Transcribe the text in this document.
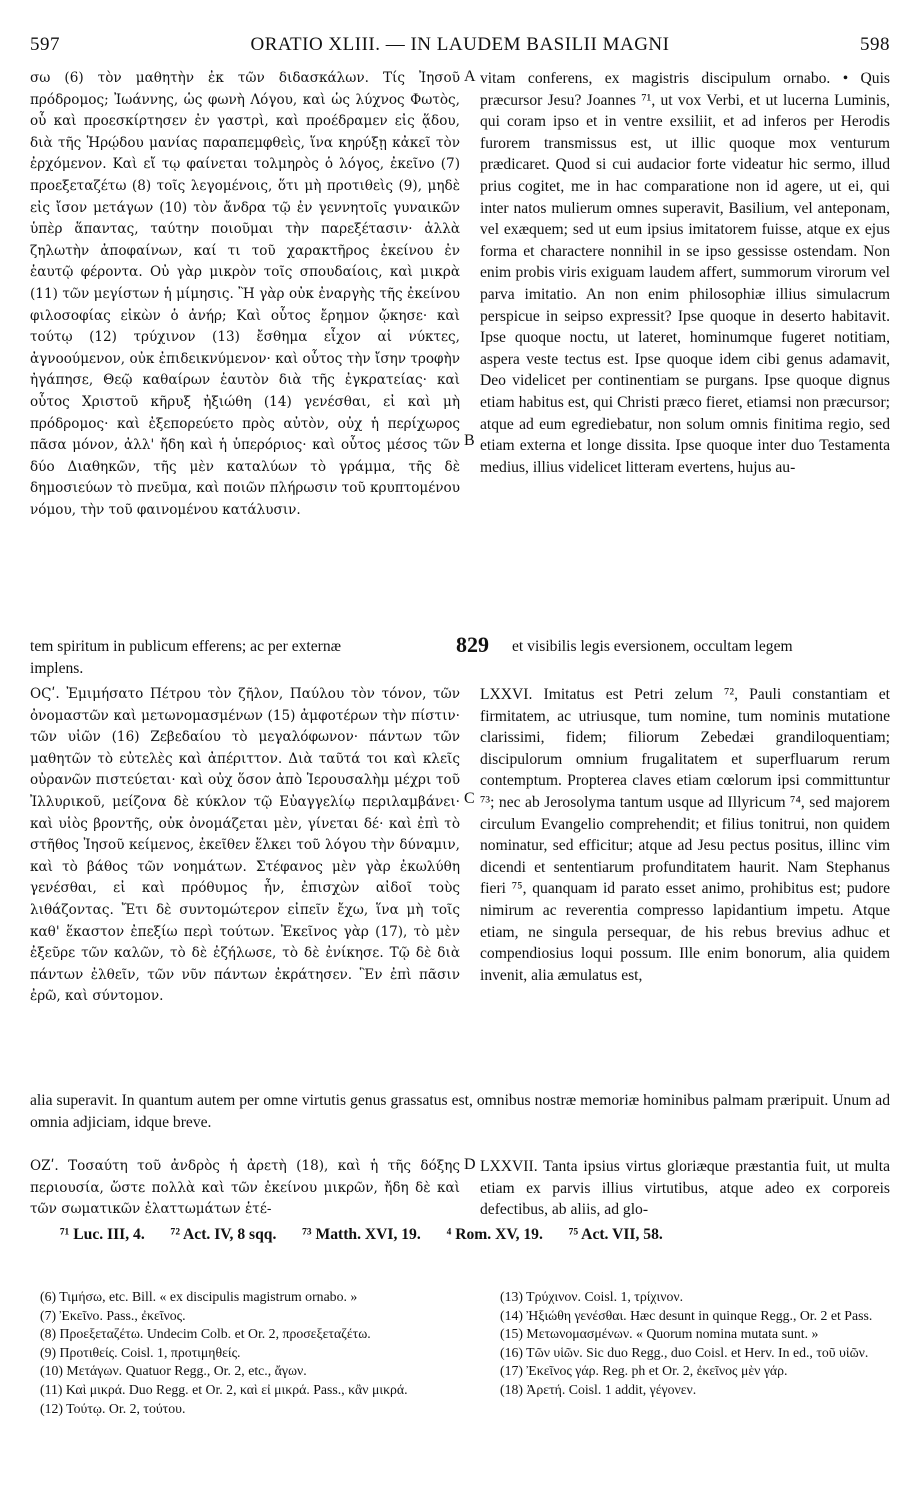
597	ORATIO XLIII. — IN LAUDEM BASILII MAGNI	598

σω (6) τὸν μαθητὴν ἐκ τῶν διδασκάλων. Τίς Ἰησοῦ πρόδρομος; Ἰωάννης, ὡς φωνὴ Λόγου, καὶ ὡς λύχνος Φωτὸς, οὗ καὶ προεσκίρτησεν ἐν γαστρὶ, καὶ προέδραμεν εἰς ᾅδου, διὰ τῆς Ἡρῴδου μανίας παραπεμφθεὶς, ἵνα κηρύξῃ κἀκεῖ τὸν ἐρχόμενον. Καὶ εἴ τῳ φαίνεται τολμηρὸς ὁ λόγος, ἐκεῖνο (7) προεξεταζέτω (8) τοῖς λεγομένοις, ὅτι μὴ προτιθεὶς (9), μηδὲ εἰς ἴσον μετάγων (10) τὸν ἄνδρα τῷ ἐν γεννητοῖς γυναικῶν ὑπὲρ ἅπαντας, ταύτην ποιοῦμαι τὴν παρεξέτασιν· ἀλλὰ ζηλωτὴν ἀποφαίνων, καί τι τοῦ χαρακτῆρος ἐκείνου ἐν ἑαυτῷ φέροντα. Οὐ γὰρ μικρὸν τοῖς σπουδαίοις, καὶ μικρὰ (11) τῶν μεγίστων ἡ μίμησις. Ἢ γὰρ οὐκ ἐναργὴς τῆς ἐκείνου φιλοσοφίας εἰκὼν ὁ ἀνήρ; Καὶ οὗτος ἔρημον ᾤκησε· καὶ τούτῳ (12) τρύχινον (13) ἔσθημα εἶχον αἱ νύκτες, ἀγνοούμενον, οὐκ ἐπιδεικνύμενον· καὶ οὗτος τὴν ἴσην τροφὴν ἠγάπησε, Θεῷ καθαίρων ἑαυτὸν διὰ τῆς ἐγκρατείας· καὶ οὗτος Χριστοῦ κῆρυξ ἠξιώθη (14) γενέσθαι, εἰ καὶ μὴ πρόδρομος· καὶ ἐξεπορεύετο πρὸς αὐτὸν, οὐχ ἡ περίχωρος πᾶσα μόνον, ἀλλ' ἤδη καὶ ἡ ὑπερόριος· καὶ οὗτος μέσος τῶν δύο Διαθηκῶν, τῆς μὲν καταλύων τὸ γράμμα, τῆς δὲ δημοσιεύων τὸ πνεῦμα, καὶ ποιῶν πλήρωσιν τοῦ κρυπτομένου νόμου, τὴν τοῦ φαινομένου κατάλυσιν.

vitam conferens, ex magistris discipulum ornabo. • Quis præcursor Jesu? Joannes ⁷¹, ut vox Verbi, et ut lucerna Luminis, qui coram ipso et in ventre exsiliit, et ad inferos per Herodis furorem transmissus est, ut illic quoque mox venturum prædicaret. Quod si cui audacior forte videatur hic sermo, illud prius cogitet, me in hac comparatione non id agere, ut ei, qui inter natos mulierum omnes superavit, Basilium, vel anteponam, vel exæquem; sed ut eum ipsius imitatorem fuisse, atque ex ejus forma et charactere nonnihil in se ipso gessisse ostendam. Non enim probis viris exiguam laudem affert, summorum virorum vel parva imitatio. An non enim philosophiæ illius simulacrum perspicue in seipso expressit? Ipse quoque in deserto habitavit. Ipse quoque noctu, ut lateret, hominumque fugeret notitiam, aspera veste tectus est. Ipse quoque idem cibi genus adamavit, Deo videlicet per continentiam se purgans. Ipse quoque dignus etiam habitus est, qui Christi præco fieret, etiamsi non præcursor; atque ad eum egrediebatur, non solum omnis finitima regio, sed etiam externa et longe dissita. Ipse quoque inter duo Testamenta medius, illius videlicet litteram evertens, hujus au-

A
B
tem spiritum in publicum efferens; ac per externæ	829 et visibilis legis eversionem, occultam legem
implens.

ΟϚʹ. Ἐμιμήσατο Πέτρου τὸν ζῆλον, Παύλου τὸν τόνον, τῶν ὀνομαστῶν καὶ μετωνομασμένων (15) ἀμφοτέρων τὴν πίστιν· τῶν υἱῶν (16) Ζεβεδαίου τὸ μεγαλόφωνον· πάντων τῶν μαθητῶν τὸ εὐτελὲς καὶ ἀπέριττον. Διὰ ταῦτά τοι καὶ κλεῖς οὐρανῶν πιστεύεται· καὶ οὐχ ὅσον ἀπὸ Ἱερουσαλὴμ μέχρι τοῦ Ἰλλυρικοῦ, μείζονα δὲ κύκλον τῷ Εὐαγγελίῳ περιλαμβάνει· καὶ υἱὸς βροντῆς, οὐκ ὀνομάζεται μὲν, γίνεται δέ· καὶ ἐπὶ τὸ στῆθος Ἰησοῦ κείμενος, ἐκεῖθεν ἕλκει τοῦ λόγου τὴν δύναμιν, καὶ τὸ βάθος τῶν νοημάτων. Στέφανος μὲν γὰρ ἐκωλύθη γενέσθαι, εἰ καὶ πρόθυμος ἦν, ἐπισχὼν αἰδοῖ τοὺς λιθάζοντας. Ἔτι δὲ συντομώτερον εἰπεῖν ἔχω, ἵνα μὴ τοῖς καθ' ἕκαστον ἐπεξίω περὶ τούτων. Ἐκεῖνος γὰρ (17), τὸ μὲν ἐξεῦρε τῶν καλῶν, τὸ δὲ ἐζήλωσε, τὸ δὲ ἐνίκησε. Τῷ δὲ διὰ πάντων ἐλθεῖν, τῶν νῦν πάντων ἐκράτησεν. Ἓν ἐπὶ πᾶσιν ἐρῶ, καὶ σύντομον.

LXXVI. Imitatus est Petri zelum ⁷², Pauli constantiam et firmitatem, ac utriusque, tum nomine, tum nominis mutatione clarissimi, fidem; filiorum Zebedæi grandiloquentiam; discipulorum omnium frugalitatem et superfluarum rerum contemptum. Propterea claves etiam cœlorum ipsi committuntur ⁷³; nec ab Jerosolyma tantum usque ad Illyricum ⁷⁴, sed majorem circulum Evangelio comprehendit; et filius tonitrui, non quidem nominatur, sed efficitur; atque ad Jesu pectus positus, illinc vim dicendi et sententiarum profunditatem haurit. Nam Stephanus fieri ⁷⁵, quanquam id parato esset animo, prohibitus est; pudore nimirum ac reverentia compresso lapidantium impetu. Atque etiam, ne singula persequar, de his rebus brevius adhuc et compendiosius loqui possum. Ille enim bonorum, alia quidem invenit, alia æmulatus est,

C
alia superavit. In quantum autem per omne virtutis genus grassatus est, omnibus nostræ memoriæ hominibus palmam præripuit. Unum ad omnia adjiciam, idque breve.

ΟΖʹ. Τοσαύτη τοῦ ἀνδρὸς ἡ ἀρετὴ (18), καὶ ἡ τῆς δόξης περιουσία, ὥστε πολλὰ καὶ τῶν ἐκείνου μικρῶν, ἤδη δὲ καὶ τῶν σωματικῶν ἐλαττωμάτων ἑτέ-

LXXVII. Tanta ipsius virtus gloriæque præstantia fuit, ut multa etiam ex parvis illius virtutibus, atque adeo ex corporeis defectibus, ab aliis, ad glo-

D
⁷¹ Luc. III, 4. ⁷² Act. IV, 8 sqq. ⁷³ Matth. XVI, 19. ⁴ Rom. XV, 19. ⁷⁵ Act. VII, 58.
(6) Τιμήσω, etc. Bill. « ex discipulis magistrum ornabo. »
(7) Ἐκεῖνο. Pass., ἐκεῖνος.
(8) Προεξεταζέτω. Undecim Colb. et Or. 2, προσεξεταζέτω.
(9) Προτιθείς. Coisl. 1, προτιμηθείς.
(10) Μετάγων. Quatuor Regg., Or. 2, etc., ἄγων.
(11) Καὶ μικρά. Duo Regg. et Or. 2, καὶ εἰ μικρά. Pass., κἂν μικρά.
(12) Τούτῳ. Or. 2, τούτου.
(13) Τρύχινον. Coisl. 1, τρίχινον.
(14) Ἠξιώθη γενέσθαι. Hæc desunt in quinque Regg., Or. 2 et Pass.
(15) Μετωνομασμένων. « Quorum nomina mutata sunt. »
(16) Τῶν υἱῶν. Sic duo Regg., duo Coisl. et Herv. In ed., τοῦ υἱῶν.
(17) Ἐκεῖνος γάρ. Reg. ph et Or. 2, ἐκεῖνος μὲν γάρ.
(18) Ἀρετή. Coisl. 1 addit, γέγονεν.
